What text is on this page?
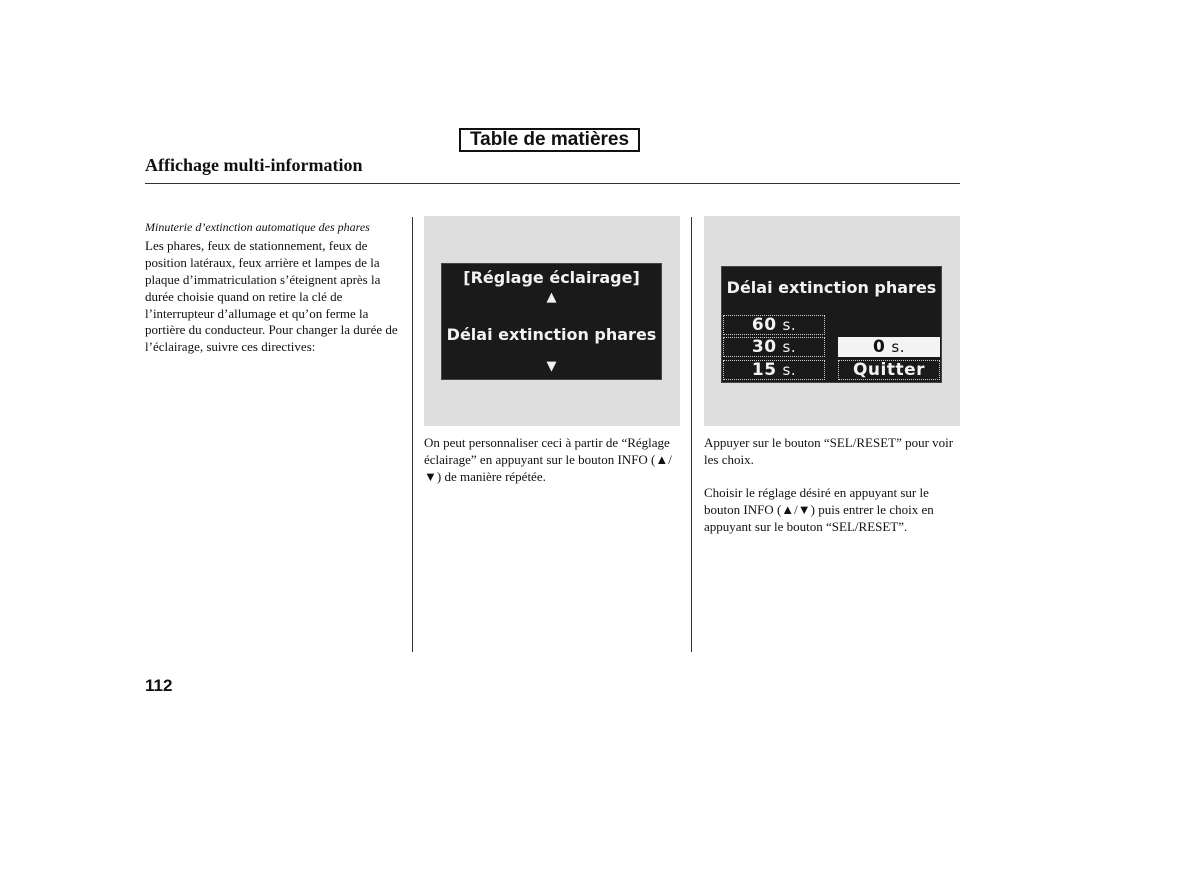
Table de matières
Affichage multi-information
Minuterie d’extinction automatique des phares
Les phares, feux de stationnement, feux de position latéraux, feux arrière et lampes de la plaque d’immatriculation s’éteignent après la durée choisie quand on retire la clé de l’interrupteur d’allumage et qu’on ferme la portière du conducteur. Pour changer la durée de l’éclairage, suivre ces directives:
[Réglage éclairage]
▲
Délai extinction phares
▼
Délai extinction phares
60 s.
30 s.
15 s.
0 s.
Quitter

On peut personnaliser ceci à partir de “Réglage éclairage” en appuyant sur le bouton INFO (▲/▼) de manière répétée.

Appuyer sur le bouton “SEL/RESET” pour voir les choix.

Choisir le réglage désiré en appuyant sur le bouton INFO (▲/▼) puis entrer le choix en appuyant sur le bouton “SEL/RESET”.

112
